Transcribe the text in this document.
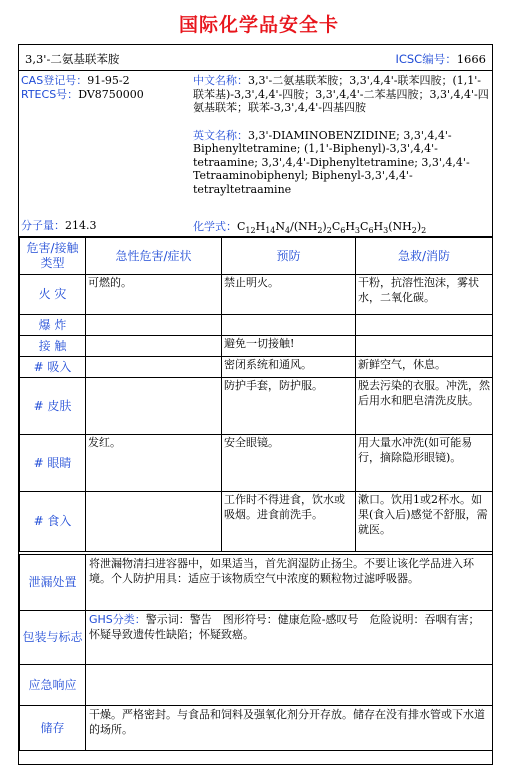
国际化学品安全卡
3,3'-二氨基联苯胺	ICSC编号：1666
CAS登记号：91-95-2
RTECS号：DV8750000
分子量：214.3

中文名称：3,3'-二氨基联苯胺；3,3',4,4'-联苯四胺；(1,1'-联苯基)-3,3',4,4'-四胺；3,3',4,4'-二苯基四胺；3,3',4,4'-四氨基联苯；联苯-3,3',4,4'-四基四胺

英文名称：3,3'-DIAMINOBENZIDINE; 3,3',4,4'-Biphenyltetramine; (1,1'-Biphenyl)-3,3',4,4'-tetraamine; 3,3',4,4'-Diphenyltetramine; 3,3',4,4'-Tetraaminobiphenyl; Biphenyl-3,3',4,4'-tetrayltetraamine

化学式：$C_{12}H_{14}N_4/(NH_2)_2C_6H_3C_6H_3(NH_2)_2$
危害/接触类型	急性危害/症状	预防	急救/消防
火 灾	可燃的。	禁止明火。	干粉，抗溶性泡沫，雾状水，二氧化碳。
爆 炸			
接 触		避免一切接触!	
# 吸入		密闭系统和通风。	新鲜空气，休息。
# 皮肤		防护手套，防护服。	脱去污染的衣服。冲洗，然后用水和肥皂清洗皮肤。
# 眼睛	发红。	安全眼镜。	用大量水冲洗(如可能易行，摘除隐形眼镜)。
# 食入		工作时不得进食，饮水或吸烟。进食前洗手。	漱口。饮用1或2杯水。如果(食入后)感觉不舒服，需就医。

泄漏处置	将泄漏物清扫进容器中，如果适当，首先润湿防止扬尘。不要让该化学品进入环境。个人防护用具：适应于该物质空气中浓度的颗粒物过滤呼吸器。		
包装与标志	GHS分类：警示词：警告　图形符号：健康危险-感叹号　危险说明：吞咽有害；怀疑导致遗传性缺陷；怀疑致癌。		
应急响应			
储存	干燥。严格密封。与食品和饲料及强氧化剂分开存放。储存在没有排水管或下水道的场所。		
